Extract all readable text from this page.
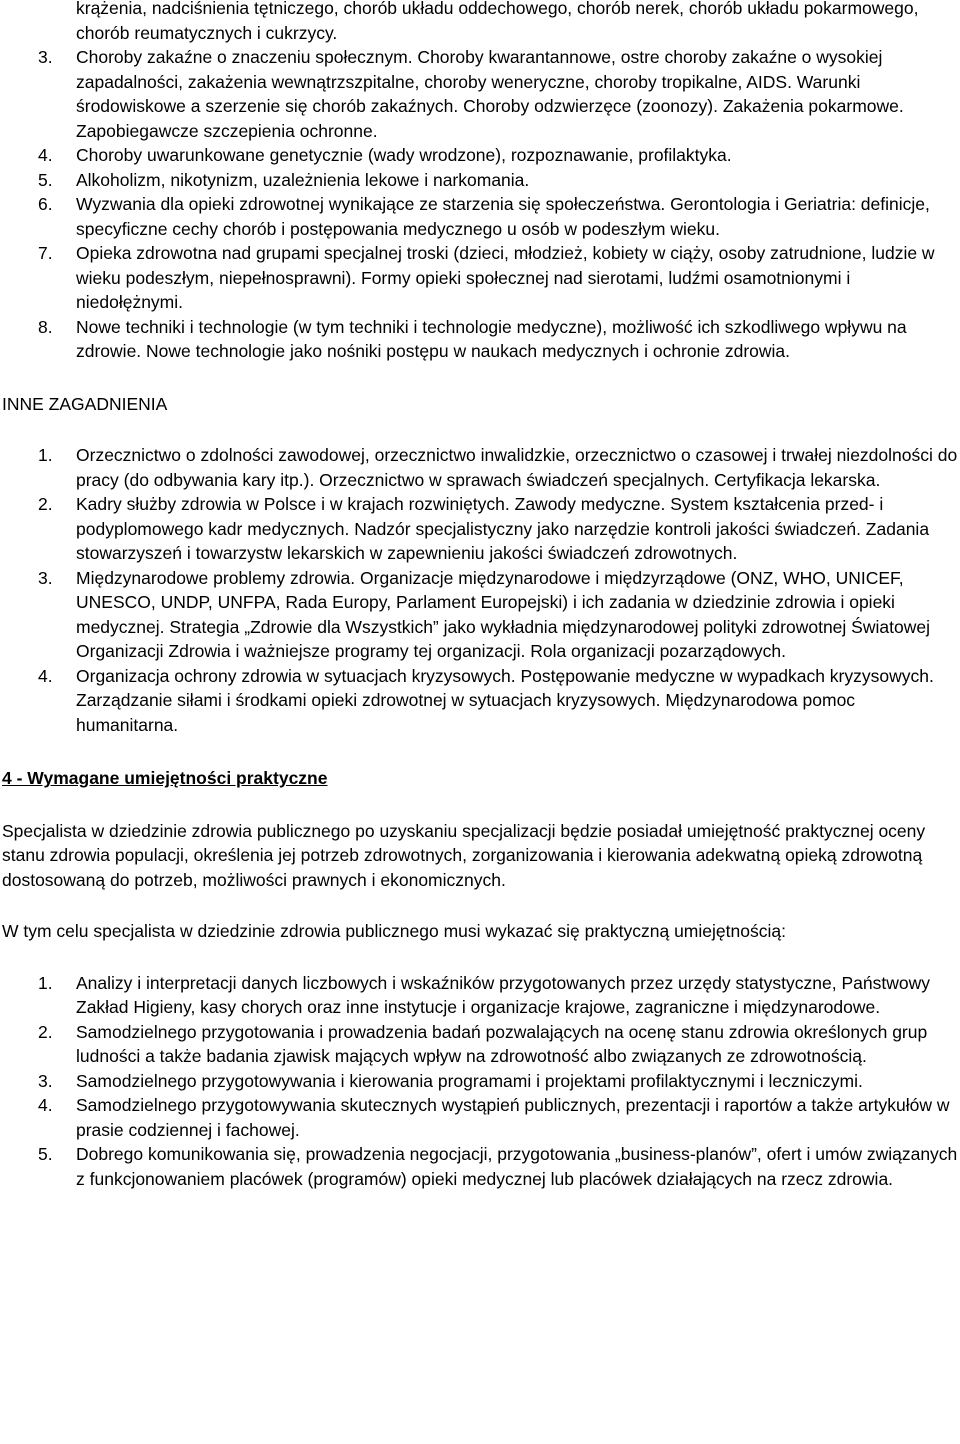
krążenia, nadciśnienia tętniczego, chorób układu oddechowego, chorób nerek, chorób układu pokarmowego, chorób reumatycznych i cukrzycy.
3. Choroby zakaźne o znaczeniu społecznym. Choroby kwarantannowe, ostre choroby zakaźne o wysokiej zapadalności, zakażenia wewnątrzszpitalne, choroby weneryczne, choroby tropikalne, AIDS. Warunki środowiskowe a szerzenie się chorób zakaźnych. Choroby odzwierzęce (zoonozy). Zakażenia pokarmowe. Zapobiegawcze szczepienia ochronne.
4. Choroby uwarunkowane genetycznie (wady wrodzone), rozpoznawanie, profilaktyka.
5. Alkoholizm, nikotynizm, uzależnienia lekowe i narkomania.
6. Wyzwania dla opieki zdrowotnej wynikające ze starzenia się społeczeństwa. Gerontologia i Geriatria: definicje, specyficzne cechy chorób i postępowania medycznego u osób w podeszłym wieku.
7. Opieka zdrowotna nad grupami specjalnej troski (dzieci, młodzież, kobiety w ciąży, osoby zatrudnione, ludzie w wieku podeszłym, niepełnosprawni). Formy opieki społecznej nad sierotami, ludźmi osamotnionymi i niedołężnymi.
8. Nowe techniki i technologie (w tym techniki i technologie medyczne), możliwość ich szkodliwego wpływu na zdrowie. Nowe technologie jako nośniki postępu w naukach medycznych i ochronie zdrowia.
INNE ZAGADNIENIA
1. Orzecznictwo o zdolności zawodowej, orzecznictwo inwalidzkie, orzecznictwo o czasowej i trwałej niezdolności do pracy (do odbywania kary itp.). Orzecznictwo w sprawach świadczeń specjalnych. Certyfikacja lekarska.
2. Kadry służby zdrowia w Polsce i w krajach rozwiniętych. Zawody medyczne. System kształcenia przed- i podyplomowego kadr medycznych. Nadzór specjalistyczny jako narzędzie kontroli jakości świadczeń. Zadania stowarzyszeń i towarzystw lekarskich w zapewnieniu jakości świadczeń zdrowotnych.
3. Międzynarodowe problemy zdrowia. Organizacje międzynarodowe i międzyrządowe (ONZ, WHO, UNICEF, UNESCO, UNDP, UNFPA, Rada Europy, Parlament Europejski) i ich zadania w dziedzinie zdrowia i opieki medycznej. Strategia „Zdrowie dla Wszystkich” jako wykładnia międzynarodowej polityki zdrowotnej Światowej Organizacji Zdrowia i ważniejsze programy tej organizacji. Rola organizacji pozarządowych.
4. Organizacja ochrony zdrowia w sytuacjach kryzysowych. Postępowanie medyczne w wypadkach kryzysowych. Zarządzanie siłami i środkami opieki zdrowotnej w sytuacjach kryzysowych. Międzynarodowa pomoc humanitarna.
4 - Wymagane umiejętności praktyczne
Specjalista w dziedzinie zdrowia publicznego po uzyskaniu specjalizacji będzie posiadał umiejętność praktycznej oceny stanu zdrowia populacji, określenia jej potrzeb zdrowotnych, zorganizowania i kierowania adekwatną opieką zdrowotną dostosowaną do potrzeb, możliwości prawnych i ekonomicznych.
W tym celu specjalista w dziedzinie zdrowia publicznego musi wykazać się praktyczną umiejętnością:
1. Analizy i interpretacji danych liczbowych i wskaźników przygotowanych przez urzędy statystyczne, Państwowy Zakład Higieny, kasy chorych oraz inne instytucje i organizacje krajowe, zagraniczne i międzynarodowe.
2. Samodzielnego przygotowania i prowadzenia badań pozwalających na ocenę stanu zdrowia określonych grup ludności a także badania zjawisk mających wpływ na zdrowotność albo związanych ze zdrowotnością.
3. Samodzielnego przygotowywania i kierowania programami i projektami profilaktycznymi i leczniczymi.
4. Samodzielnego przygotowywania skutecznych wystąpień publicznych, prezentacji i raportów a także artykułów w prasie codziennej i fachowej.
5. Dobrego komunikowania się, prowadzenia negocjacji, przygotowania „business-planów”, ofert i umów związanych z funkcjonowaniem placówek (programów) opieki medycznej lub placówek działających na rzecz zdrowia.
